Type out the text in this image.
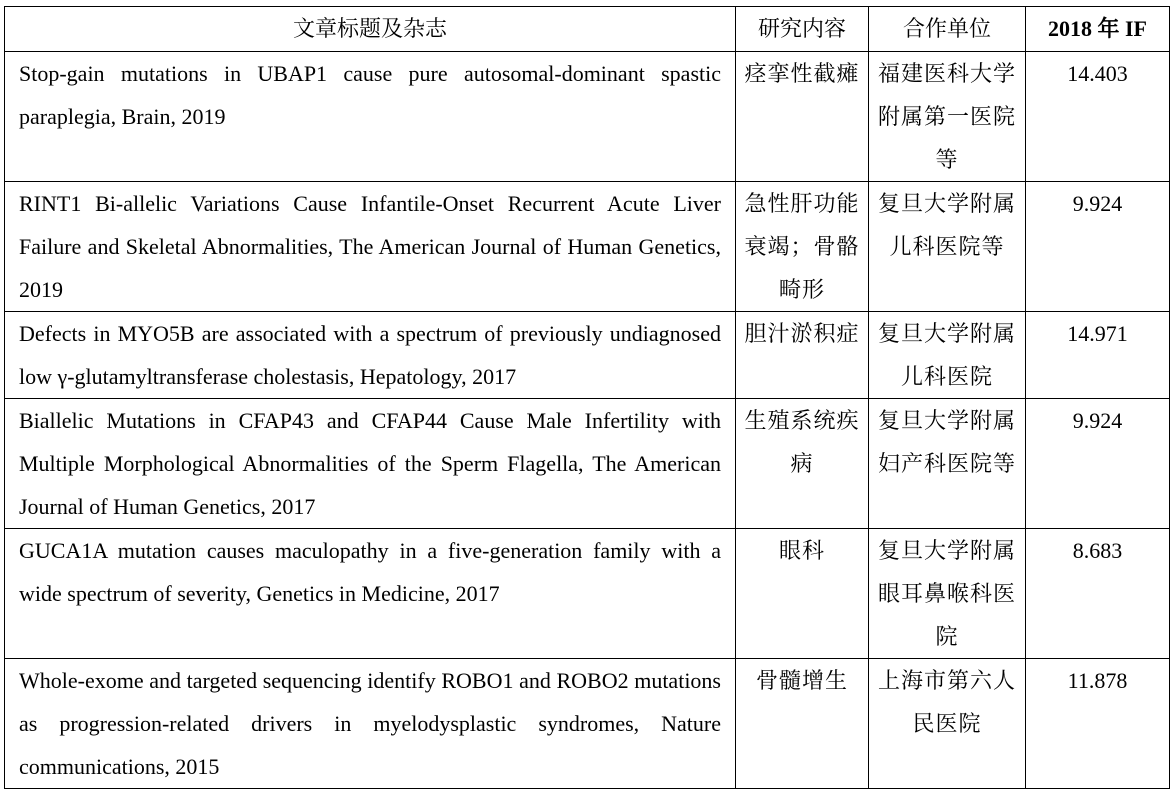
文章标题及杂志	研究内容	合作单位	2018 年 IF
Stop-gain mutations in UBAP1 cause pure autosomal-dominant spastic paraplegia, Brain, 2019	痉挛性截瘫	福建医科大学附属第一医院等	14.403
RINT1 Bi-allelic Variations Cause Infantile-Onset Recurrent Acute Liver Failure and Skeletal Abnormalities, The American Journal of Human Genetics, 2019	急性肝功能衰竭；骨骼畸形	复旦大学附属儿科医院等	9.924
Defects in MYO5B are associated with a spectrum of previously undiagnosed low γ-glutamyltransferase cholestasis, Hepatology, 2017	胆汁淤积症	复旦大学附属儿科医院	14.971
Biallelic Mutations in CFAP43 and CFAP44 Cause Male Infertility with Multiple Morphological Abnormalities of the Sperm Flagella, The American Journal of Human Genetics, 2017	生殖系统疾病	复旦大学附属妇产科医院等	9.924
GUCA1A mutation causes maculopathy in a five-generation family with a wide spectrum of severity, Genetics in Medicine, 2017	眼科	复旦大学附属眼耳鼻喉科医院	8.683
Whole-exome and targeted sequencing identify ROBO1 and ROBO2 mutations as progression-related drivers in myelodysplastic syndromes, Nature communications, 2015	骨髓增生	上海市第六人民医院	11.878
